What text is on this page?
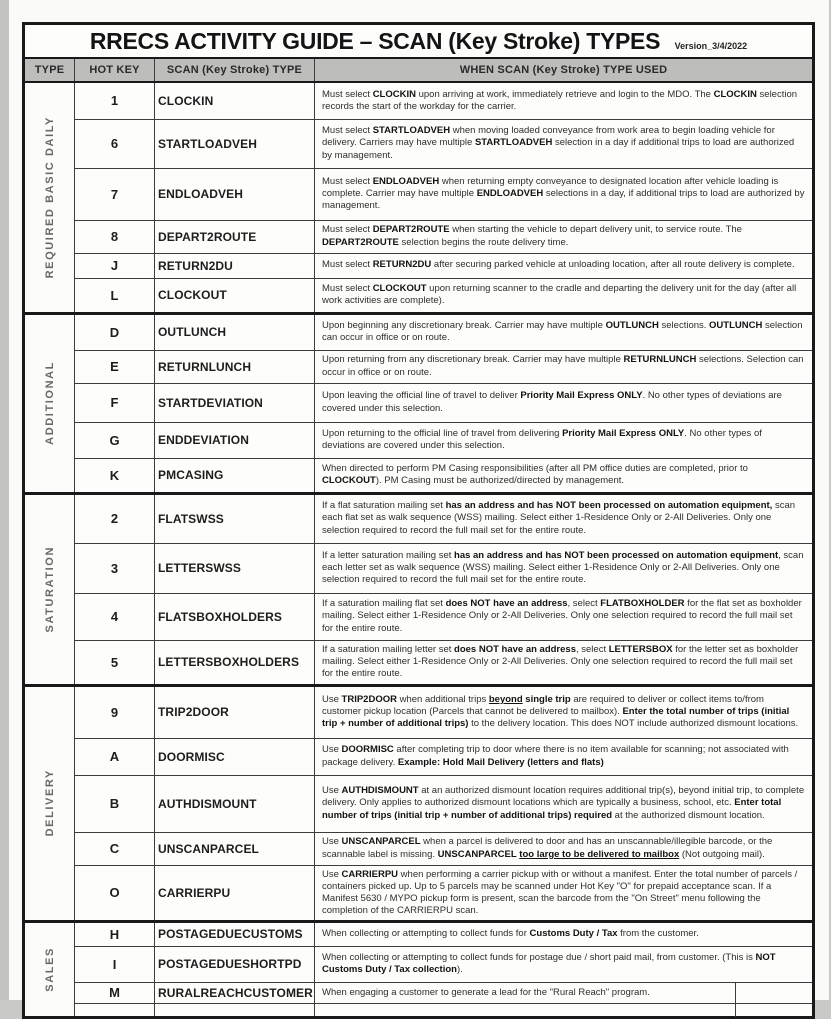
RRECS ACTIVITY GUIDE – SCAN (Key Stroke) TYPES Version_3/4/2022			
TYPE	HOT KEY	SCAN (Key Stroke) TYPE	WHEN SCAN (Key Stroke) TYPE USED

REQUIRED BASIC DAILY	1	CLOCKIN	Must select CLOCKIN upon arriving at work, immediately retrieve and login to the MDO. The CLOCKIN selection records the start of the workday for the carrier.
	6	STARTLOADVEH	Must select STARTLOADVEH when moving loaded conveyance from work area to begin loading vehicle for delivery. Carriers may have multiple STARTLOADVEH selection in a day if additional trips to load are authorized by management.
	7	ENDLOADVEH	Must select ENDLOADVEH when returning empty conveyance to designated location after vehicle loading is complete. Carrier may have multiple ENDLOADVEH selections in a day, if additional trips to load are authorized by management.
	8	DEPART2ROUTE	Must select DEPART2ROUTE when starting the vehicle to depart delivery unit, to service route. The DEPART2ROUTE selection begins the route delivery time.
	J	RETURN2DU	Must select RETURN2DU after securing parked vehicle at unloading location, after all route delivery is complete.
	L	CLOCKOUT	Must select CLOCKOUT upon returning scanner to the cradle and departing the delivery unit for the day (after all work activities are complete).

ADDITIONAL	D	OUTLUNCH	Upon beginning any discretionary break. Carrier may have multiple OUTLUNCH selections. OUTLUNCH selection can occur in office or on route.
	E	RETURNLUNCH	Upon returning from any discretionary break. Carrier may have multiple RETURNLUNCH selections. Selection can occur in office or on route.
	F	STARTDEVIATION	Upon leaving the official line of travel to deliver Priority Mail Express ONLY. No other types of deviations are covered under this selection.
	G	ENDDEVIATION	Upon returning to the official line of travel from delivering Priority Mail Express ONLY. No other types of deviations are covered under this selection.
	K	PMCASING	When directed to perform PM Casing responsibilities (after all PM office duties are completed, prior to CLOCKOUT). PM Casing must be authorized/directed by management.

SATURATION	2	FLATSWSS	If a flat saturation mailing set has an address and has NOT been processed on automation equipment, scan each flat set as walk sequence (WSS) mailing. Select either 1-Residence Only or 2-All Deliveries. Only one selection required to record the full mail set for the entire route.
	3	LETTERSWSS	If a letter saturation mailing set has an address and has NOT been processed on automation equipment, scan each letter set as walk sequence (WSS) mailing. Select either 1-Residence Only or 2-All Deliveries. Only one selection required to record the full mail set for the entire route.
	4	FLATSBOXHOLDERS	If a saturation mailing flat set does NOT have an address, select FLATBOXHOLDER for the flat set as boxholder mailing. Select either 1-Residence Only or 2-All Deliveries. Only one selection required to record the full mail set for the entire route.
	5	LETTERSBOXHOLDERS	If a saturation mailing letter set does NOT have an address, select LETTERSBOX for the letter set as boxholder mailing. Select either 1-Residence Only or 2-All Deliveries. Only one selection required to record the full mail set for the entire route.

DELIVERY	9	TRIP2DOOR	Use TRIP2DOOR when additional trips beyond single trip are required to deliver or collect items to/from customer pickup location (Parcels that cannot be delivered to mailbox). Enter the total number of trips (initial trip + number of additional trips) to the delivery location. This does NOT include authorized dismount locations.
	A	DOORMISC	Use DOORMISC after completing trip to door where there is no item available for scanning; not associated with package delivery. Example: Hold Mail Delivery (letters and flats)
	B	AUTHDISMOUNT	Use AUTHDISMOUNT at an authorized dismount location requires additional trip(s), beyond initial trip, to complete delivery. Only applies to authorized dismount locations which are typically a business, school, etc. Enter total number of trips (initial trip + number of additional trips) required at the authorized dismount location.
	C	UNSCANPARCEL	Use UNSCANPARCEL when a parcel is delivered to door and has an unscannable/illegible barcode, or the scannable label is missing. UNSCANPARCEL too large to be delivered to mailbox (Not outgoing mail).
	O	CARRIERPU	Use CARRIERPU when performing a carrier pickup with or without a manifest. Enter the total number of parcels / containers picked up. Up to 5 parcels may be scanned under Hot Key "O" for prepaid acceptance scan. If a Manifest 5630 / MYPO pickup form is present, scan the barcode from the "On Street" menu following the completion of the CARRIERPU scan.

SALES	H	POSTAGEDUECUSTOMS	When collecting or attempting to collect funds for Customs Duty / Tax from the customer.
	I	POSTAGEDUESHORTPD	When collecting or attempting to collect funds for postage due / short paid mail, from customer. (This is NOT Customs Duty / Tax collection).
	M	RURALREACHCUSTOMER	When engaging a customer to generate a lead for the "Rural Reach" program.
